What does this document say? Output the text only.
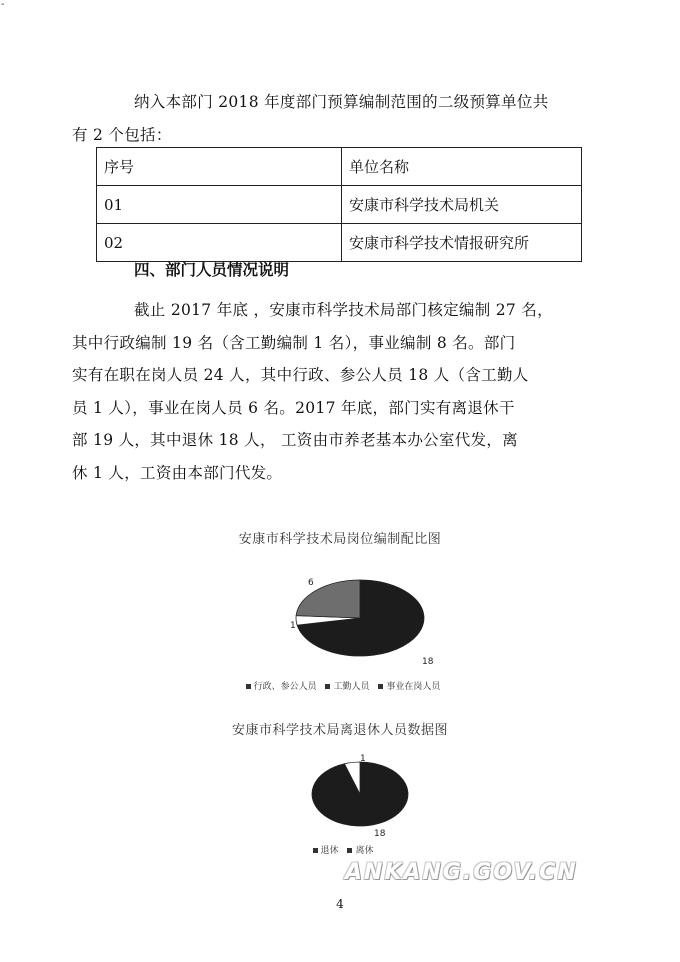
-
纳入本部门 2018 年度部门预算编制范围的二级预算单位共
有 2 个包括：
序号	单位名称
01	安康市科学技术局机关
02	安康市科学技术情报研究所
四、部门人员情况说明
截止 2017 年底 ，安康市科学技术局部门核定编制 27 名，
其中行政编制 19 名（含工勤编制 1 名），事业编制 8 名。部门
实有在职在岗人员 24 人，其中行政、参公人员 18 人（含工勤人
员 1 人），事业在岗人员 6 名。2017 年底，部门实有离退休干
部 19 人，其中退休 18 人， 工资由市养老基本办公室代发，离
休 1 人，工资由本部门代发。
安康市科学技术局岗位编制配比图
18
1
6
行政、参公人员 工勤人员 事业在岗人员
安康市科学技术局离退休人员数据图
18
1
退休 离休
ANKANG.GOV.CN
4
